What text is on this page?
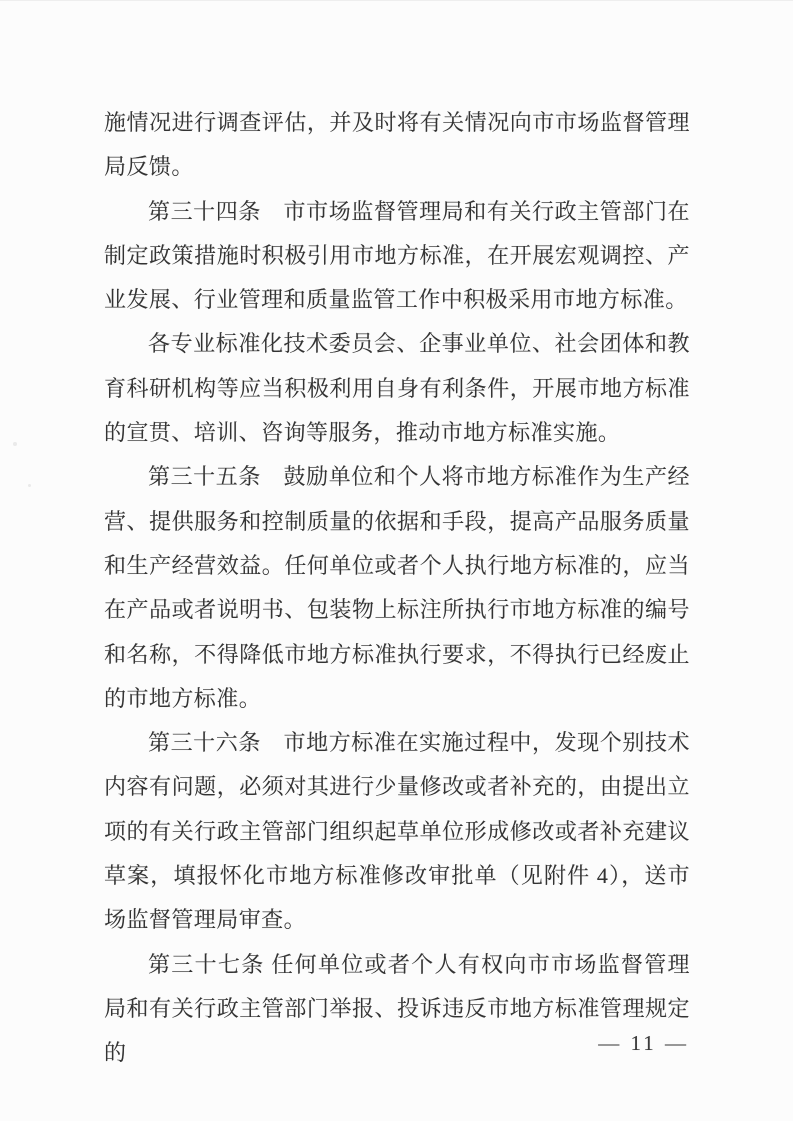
施情况进行调查评估，并及时将有关情况向市市场监督管理局反馈。

第三十四条　市市场监督管理局和有关行政主管部门在制定政策措施时积极引用市地方标准，在开展宏观调控、产业发展、行业管理和质量监管工作中积极采用市地方标准。

各专业标准化技术委员会、企事业单位、社会团体和教育科研机构等应当积极利用自身有利条件，开展市地方标准的宣贯、培训、咨询等服务，推动市地方标准实施。

第三十五条　鼓励单位和个人将市地方标准作为生产经营、提供服务和控制质量的依据和手段，提高产品服务质量和生产经营效益。任何单位或者个人执行地方标准的，应当在产品或者说明书、包装物上标注所执行市地方标准的编号和名称，不得降低市地方标准执行要求，不得执行已经废止的市地方标准。

第三十六条　市地方标准在实施过程中，发现个别技术内容有问题，必须对其进行少量修改或者补充的，由提出立项的有关行政主管部门组织起草单位形成修改或者补充建议草案，填报怀化市地方标准修改审批单（见附件 4），送市场监督管理局审查。

第三十七条 任何单位或者个人有权向市市场监督管理局和有关行政主管部门举报、投诉违反市地方标准管理规定的	— 11 —
